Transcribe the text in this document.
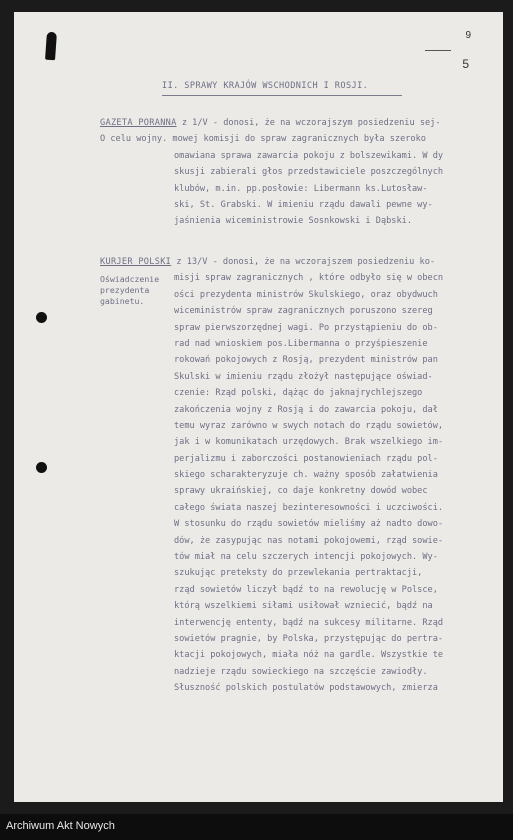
9
5
II. SPRAWY KRAJÓW WSCHODNICH I ROSJI.
GAZETA PORANNA z 1/V - donosi, że na wczorajszym posiedzeniu sej-
O celu wojny. mowej komisji do spraw zagranicznych była szeroko
omawiana sprawa zawarcia pokoju z bolszewikami. W dy
skusji zabierali głos przedstawiciele poszczególnych
klubów, m.in. pp.posłowie: Libermann ks.Lutosław-
ski, St. Grabski. W imieniu rządu dawali pewne wy-
jaśnienia wiceministrowie Sosnkowski i Dąbski.
Oświadczenie prezydenta gabinetu.
KURJER POLSKI z 13/V - donosi, że na wczorajszem posiedzeniu ko-
misji spraw zagranicznych , które odbyło się w obecn
ości prezydenta ministrów Skulskiego, oraz obydwuch
wiceministrów spraw zagranicznych poruszono szereg
spraw pierwszorzędnej wagi. Po przystąpieniu do ob-
rad nad wnioskiem pos.Libermanna o przyśpieszenie
rokowań pokojowych z Rosją, prezydent ministrów pan
Skulski w imieniu rządu złożył następujące oświad-
czenie: Rząd polski, dążąc do jaknajrychlejszego
zakończenia wojny z Rosją i do zawarcia pokoju, dał
temu wyraz zarówno w swych notach do rządu sowietów,
jak i w komunikatach urzędowych. Brak wszelkiego im-
perjalizmu i zaborczości postanowieniach rządu pol-
skiego scharakteryzuje ch. ważny sposób załatwienia
sprawy ukraińskiej, co daje konkretny dowód wobec
całego świata naszej bezinteresowności i uczciwości.
W stosunku do rządu sowietów mieliśmy aż nadto dowo-
dów, że zasypując nas notami pokojowemi, rząd sowie-
tów miał na celu szczerych intencji pokojowych. Wy-
szukując preteksty do przewlekania pertraktacji,
rząd sowietów liczył bądź to na rewolucję w Polsce,
którą wszelkiemi siłami usiłował wzniecić, bądź na
interwencję ententy, bądź na sukcesy militarne. Rząd
sowietów pragnie, by Polska, przystępując do pertra-
ktacji pokojowych, miała nóż na gardle. Wszystkie te
nadzieje rządu sowieckiego na szczęście zawiodły.
Słuszność polskich postulatów podstawowych, zmierza
Archiwum Akt Nowych
